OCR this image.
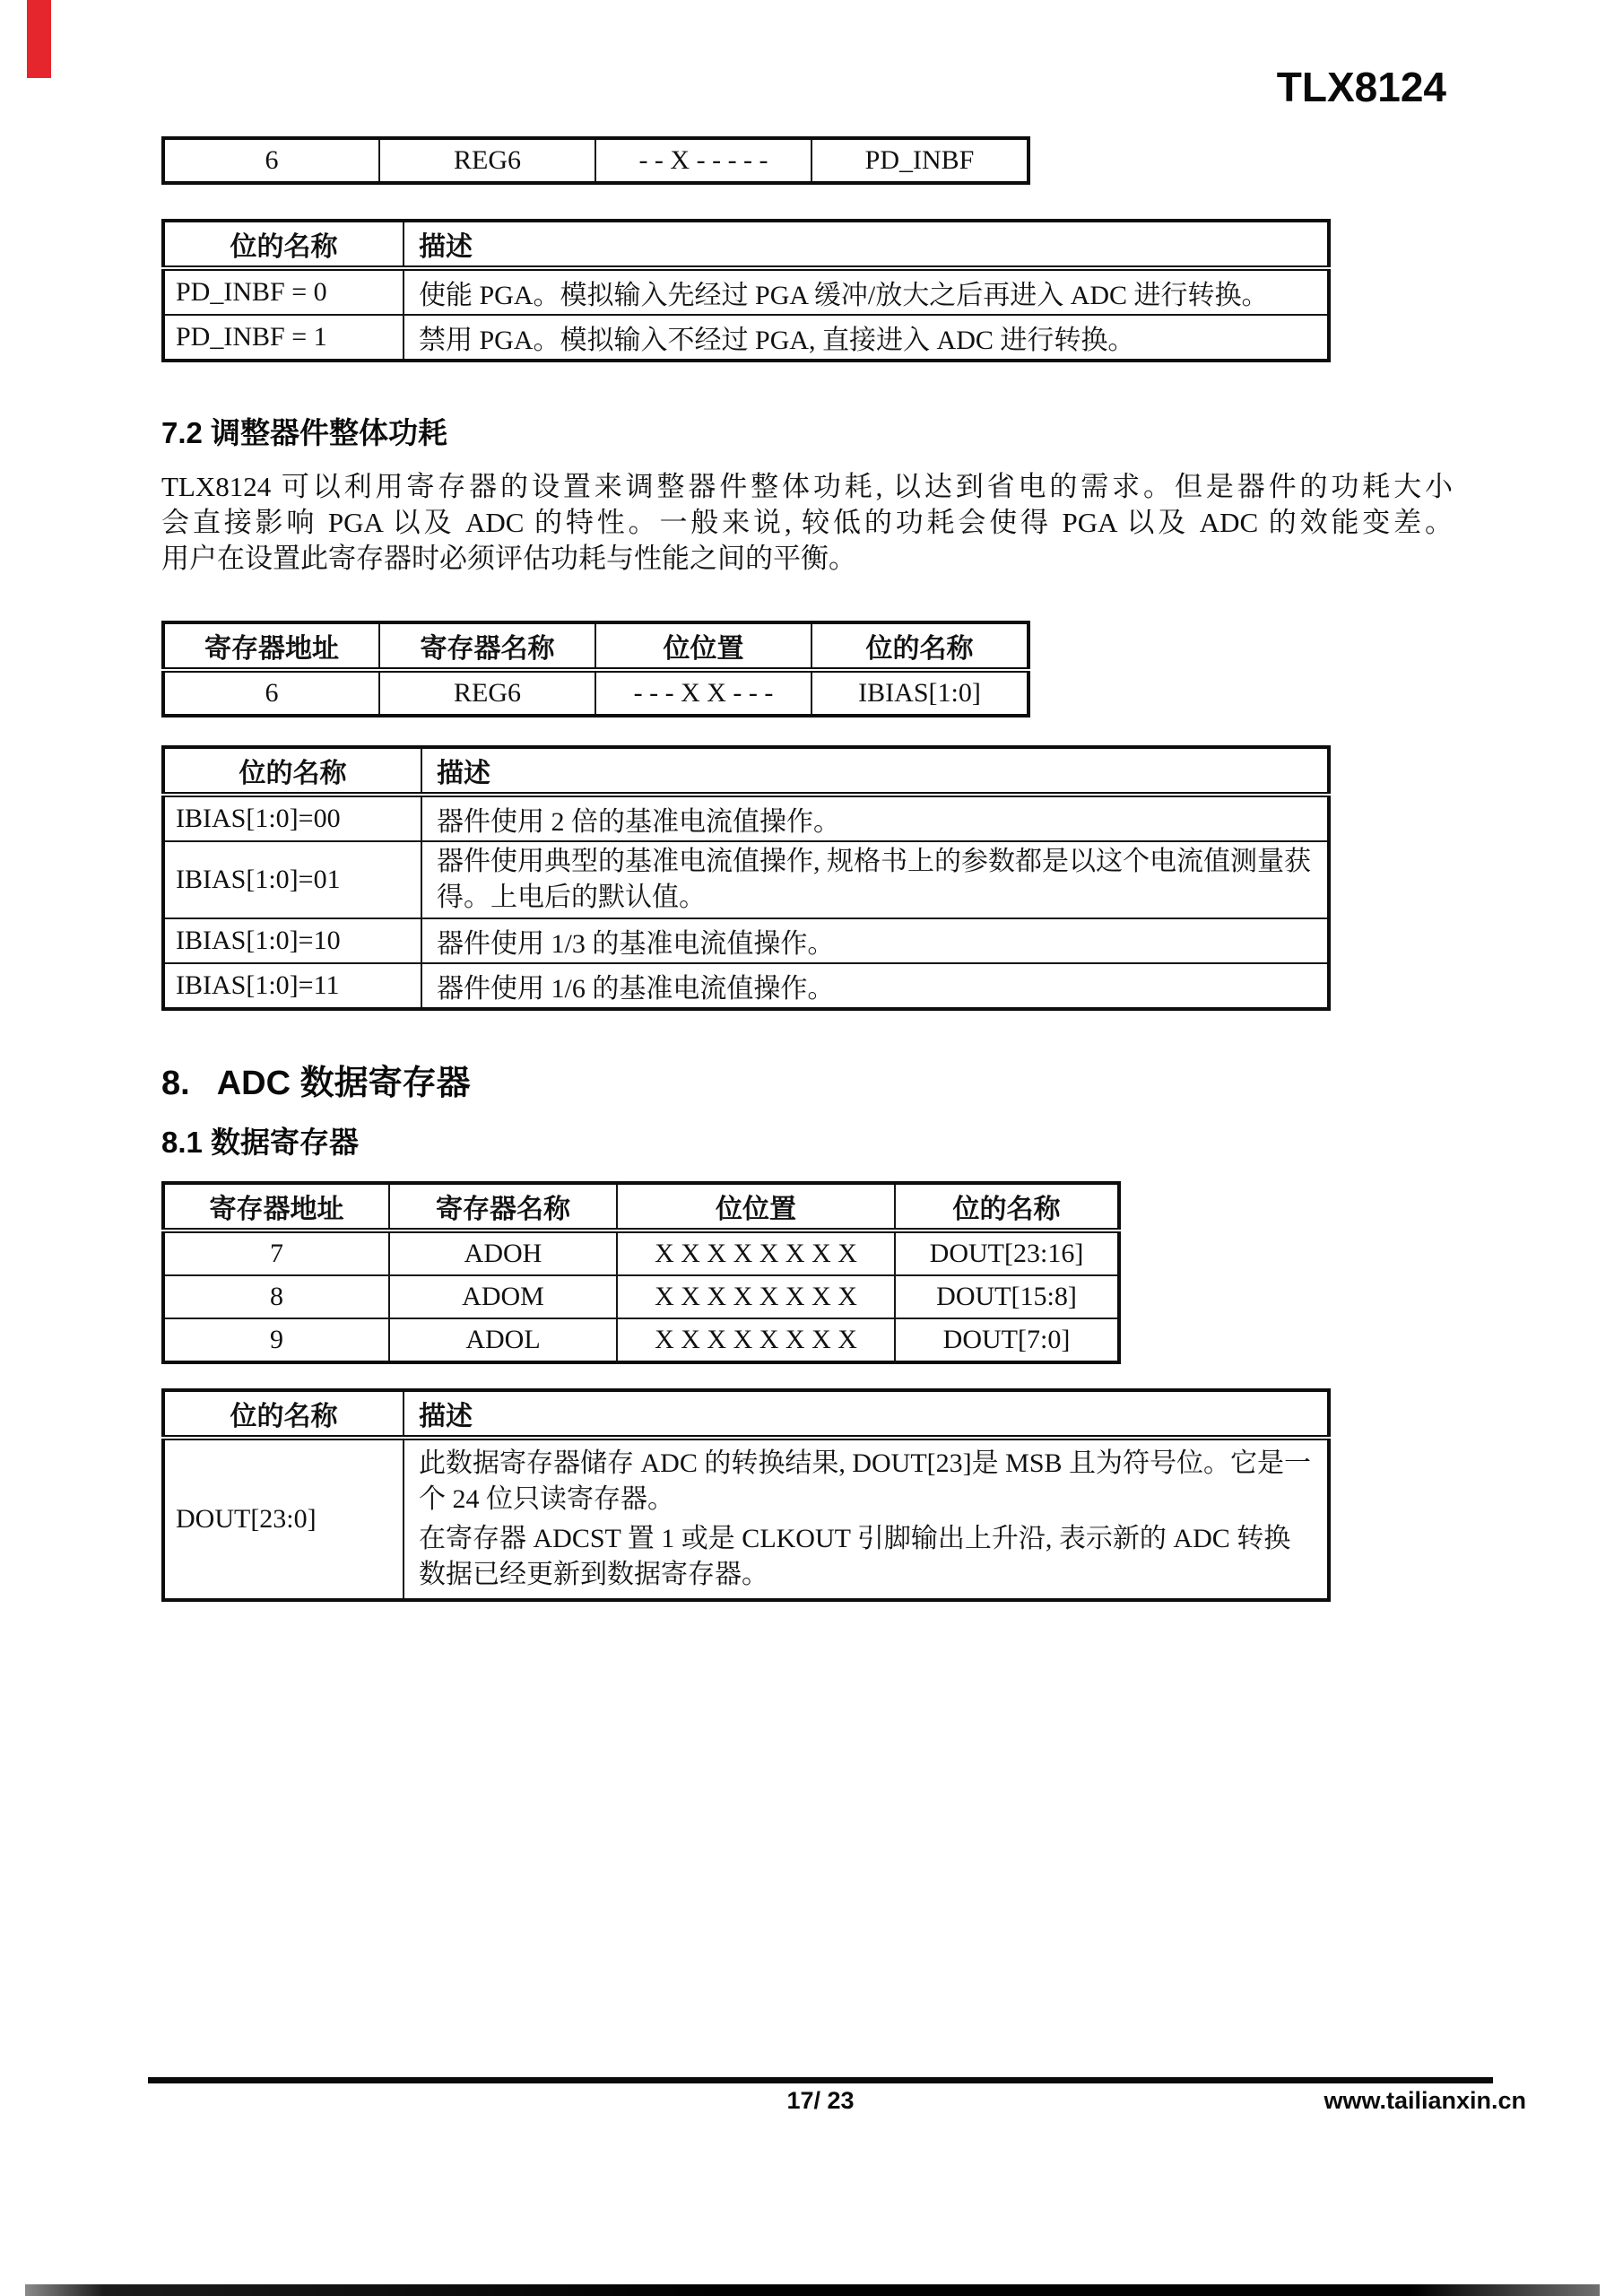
TLX8124
6	REG6	- - X - - - - -	PD_INBF
位的名称	描述
PD_INBF = 0	使能 PGA。模拟输入先经过 PGA 缓冲/放大之后再进入 ADC 进行转换。
PD_INBF = 1	禁用 PGA。模拟输入不经过 PGA, 直接进入 ADC 进行转换。
7.2 调整器件整体功耗
TLX8124 可以利用寄存器的设置来调整器件整体功耗, 以达到省电的需求。但是器件的功耗大小
会直接影响 PGA 以及 ADC 的特性。一般来说, 较低的功耗会使得 PGA 以及 ADC 的效能变差。
用户在设置此寄存器时必须评估功耗与性能之间的平衡。
寄存器地址	寄存器名称	位位置	位的名称
6	REG6	- - - X X - - -	IBIAS[1:0]
位的名称	描述
IBIAS[1:0]=00	器件使用 2 倍的基准电流值操作。
IBIAS[1:0]=01	器件使用典型的基准电流值操作, 规格书上的参数都是以这个电流值测量获得。上电后的默认值。
IBIAS[1:0]=10	器件使用 1/3 的基准电流值操作。
IBIAS[1:0]=11	器件使用 1/6 的基准电流值操作。
8. ADC 数据寄存器
8.1 数据寄存器
寄存器地址	寄存器名称	位位置	位的名称
7	ADOH	X X X X X X X X	DOUT[23:16]
8	ADOM	X X X X X X X X	DOUT[15:8]
9	ADOL	X X X X X X X X	DOUT[7:0]
位的名称	描述
DOUT[23:0]	此数据寄存器储存 ADC 的转换结果, DOUT[23]是 MSB 且为符号位。它是一个 24 位只读寄存器。
在寄存器 ADCST 置 1 或是 CLKOUT 引脚输出上升沿, 表示新的 ADC 转换数据已经更新到数据寄存器。
17/ 23	www.tailianxin.cn
